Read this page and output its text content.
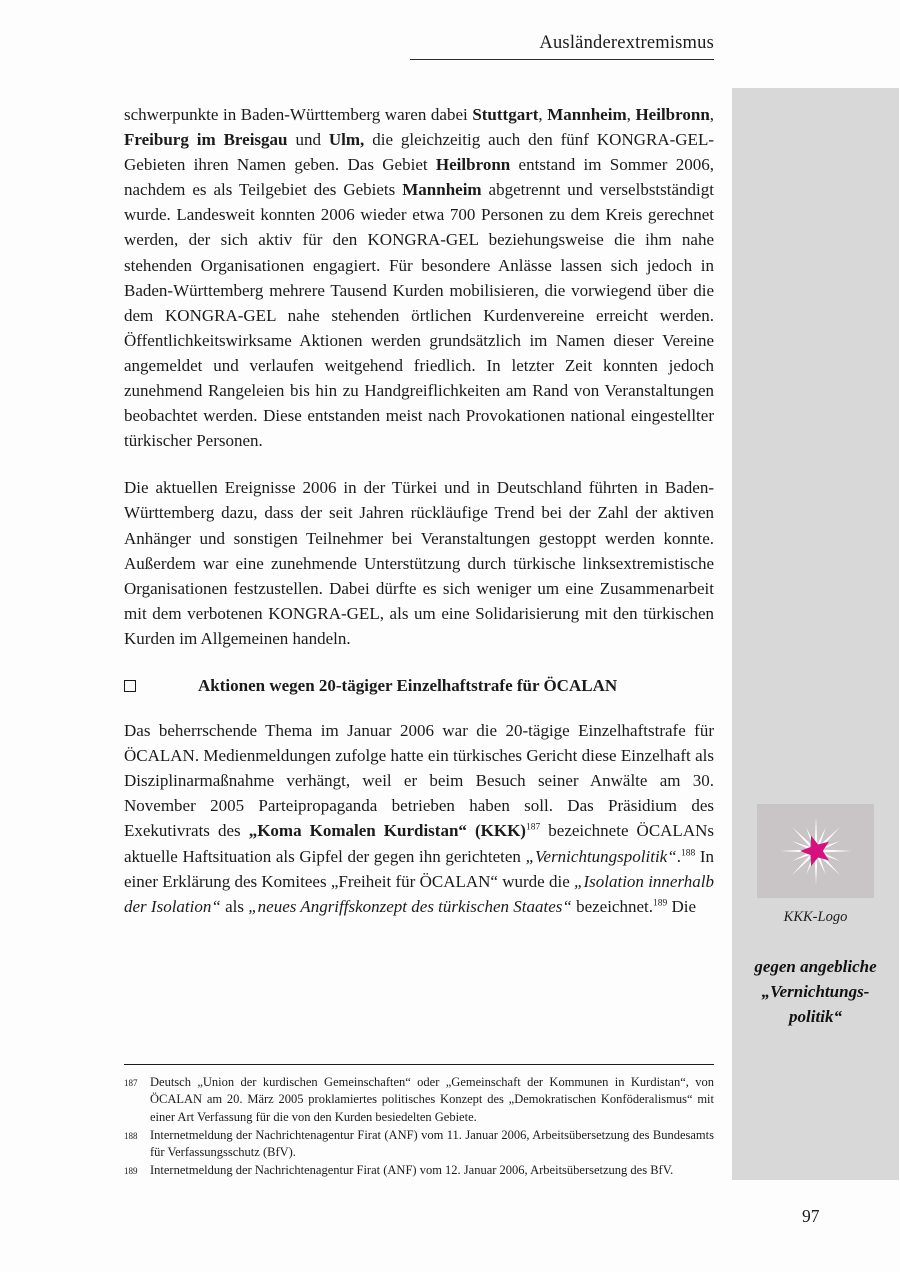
Ausländerextremismus
KKK-Logo
gegen angebliche
„Vernichtungs-
politik“

schwerpunkte in Baden-Württemberg waren dabei Stuttgart, Mannheim, Heilbronn, Freiburg im Breisgau und Ulm, die gleichzeitig auch den fünf KONGRA-GEL-Gebieten ihren Namen geben. Das Gebiet Heilbronn entstand im Sommer 2006, nachdem es als Teilgebiet des Gebiets Mannheim abgetrennt und verselbstständigt wurde. Landesweit konnten 2006 wieder etwa 700 Personen zu dem Kreis gerechnet werden, der sich aktiv für den KONGRA-GEL beziehungsweise die ihm nahe stehenden Organisationen engagiert. Für besondere Anlässe lassen sich jedoch in Baden-Württemberg mehrere Tausend Kurden mobilisieren, die vorwiegend über die dem KONGRA-GEL nahe stehenden örtlichen Kurdenvereine erreicht werden. Öffentlichkeitswirksame Aktionen werden grundsätzlich im Namen dieser Vereine angemeldet und verlaufen weitgehend friedlich. In letzter Zeit konnten jedoch zunehmend Rangeleien bis hin zu Handgreiflichkeiten am Rand von Veranstaltungen beobachtet werden. Diese entstanden meist nach Provokationen national eingestellter türkischer Personen.

Die aktuellen Ereignisse 2006 in der Türkei und in Deutschland führten in Baden-Württemberg dazu, dass der seit Jahren rückläufige Trend bei der Zahl der aktiven Anhänger und sonstigen Teilnehmer bei Veranstaltungen gestoppt werden konnte. Außerdem war eine zunehmende Unterstützung durch türkische linksextremistische Organisationen festzustellen. Dabei dürfte es sich weniger um eine Zusammenarbeit mit dem verbotenen KONGRA-GEL, als um eine Solidarisierung mit den türkischen Kurden im Allgemeinen handeln.

Aktionen wegen 20-tägiger Einzelhaftstrafe für ÖCALAN

Das beherrschende Thema im Januar 2006 war die 20-tägige Einzelhaftstrafe für ÖCALAN. Medienmeldungen zufolge hatte ein türkisches Gericht diese Einzelhaft als Disziplinarmaßnahme verhängt, weil er beim Besuch seiner Anwälte am 30. November 2005 Parteipropaganda betrieben haben soll. Das Präsidium des Exekutivrats des „Koma Komalen Kurdistan“ (KKK)$^{187}$ bezeichnete ÖCALANs aktuelle Haftsituation als Gipfel der gegen ihn gerichteten „Vernichtungspolitik“.$^{188}$ In einer Erklärung des Komitees „Freiheit für ÖCALAN“ wurde die „Isolation innerhalb der Isolation“ als „neues Angriffskonzept des türkischen Staates“ bezeichnet.$^{189}$ Die

187	Deutsch „Union der kurdischen Gemeinschaften“ oder „Gemeinschaft der Kommunen in Kurdistan“, von ÖCALAN am 20. März 2005 proklamiertes politisches Konzept des „Demokratischen Konföderalismus“ mit einer Art Verfassung für die von den Kurden besiedelten Gebiete.
188	Internetmeldung der Nachrichtenagentur Firat (ANF) vom 11. Januar 2006, Arbeitsübersetzung des Bundesamts für Verfassungsschutz (BfV).
189	Internetmeldung der Nachrichtenagentur Firat (ANF) vom 12. Januar 2006, Arbeitsübersetzung des BfV.
97
